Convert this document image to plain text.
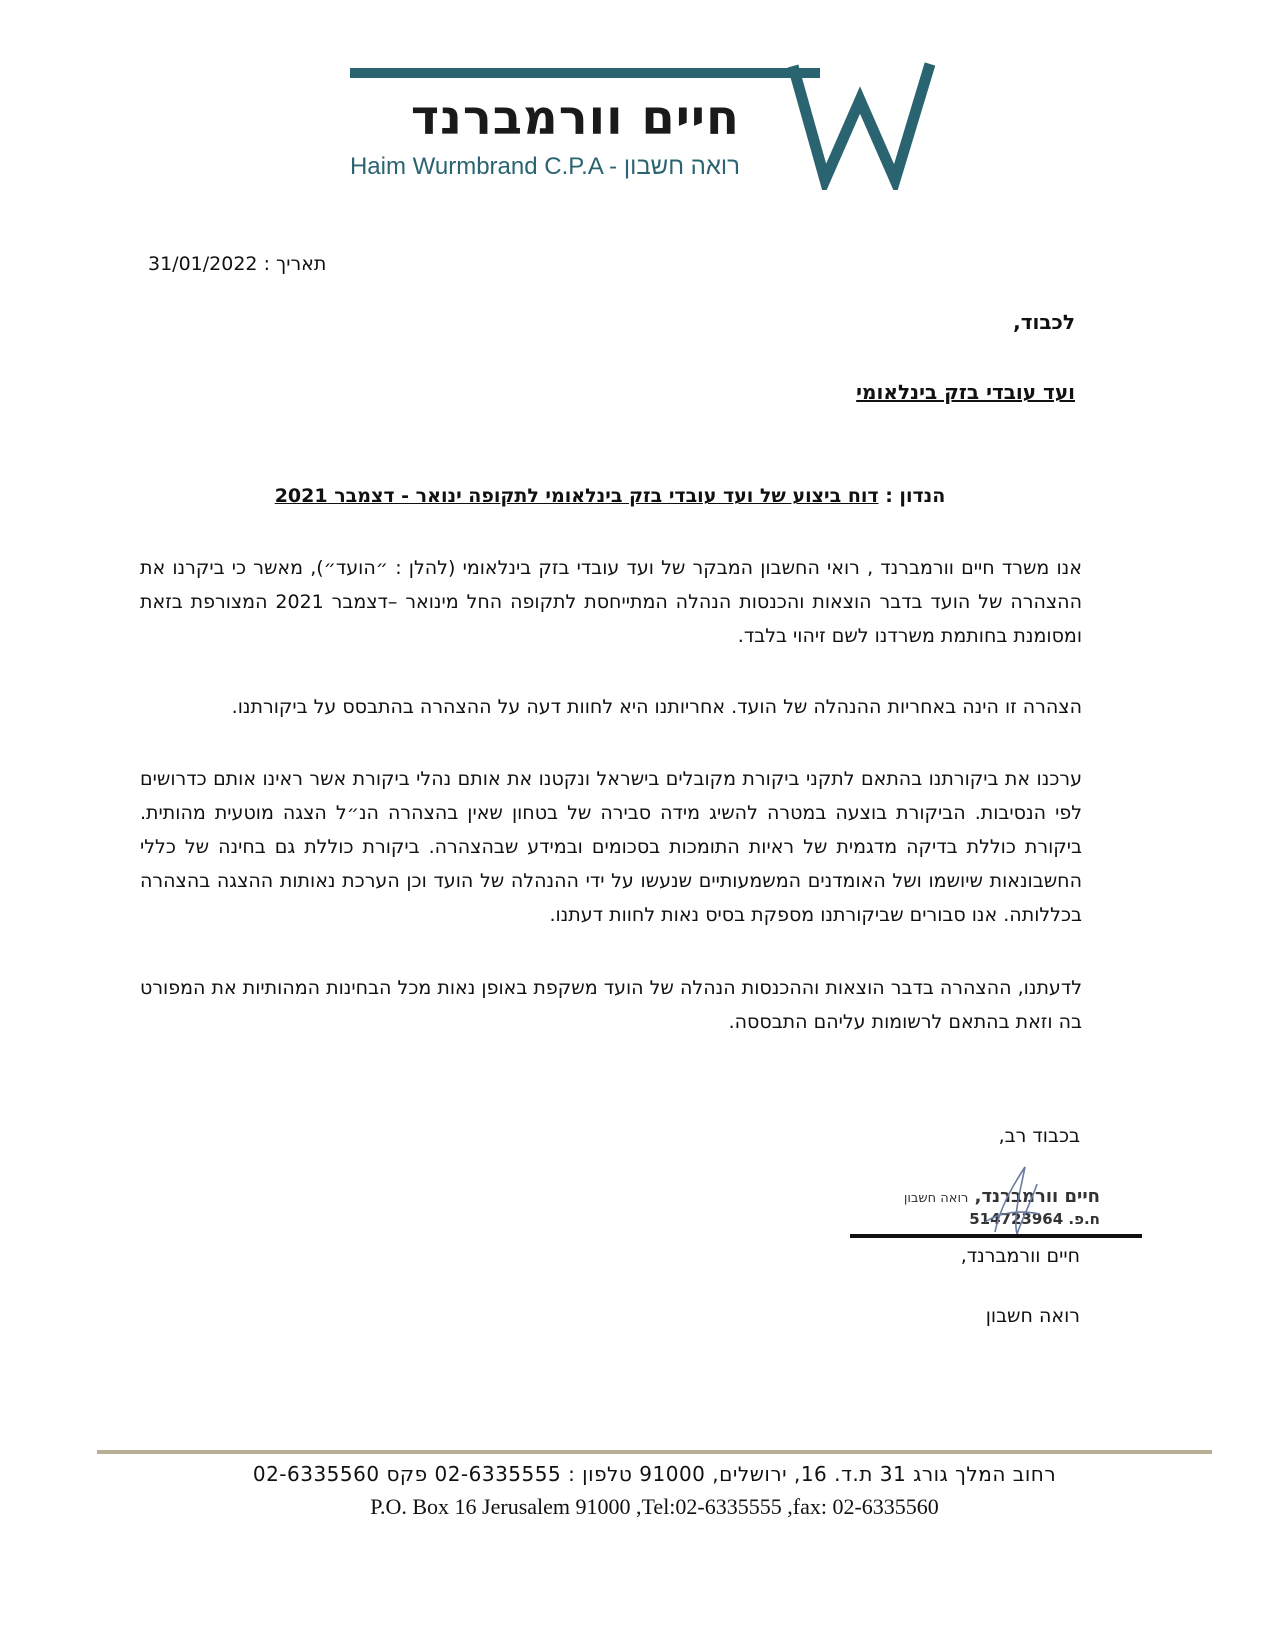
חיים וורמברנד
Haim Wurmbrand C.P.A - רואה חשבון
תאריך : 31/01/2022
לכבוד,
ועד עובדי בזק בינלאומי
הנדון : דוח ביצוע של ועד עובדי בזק בינלאומי לתקופה ינואר - דצמבר 2021

אנו משרד חיים וורמברנד , רואי החשבון המבקר של ועד עובדי בזק בינלאומי (להלן : ״הועד״), מאשר כי ביקרנו את ההצהרה של הועד בדבר הוצאות והכנסות הנהלה המתייחסת לתקופה החל מינואר –דצמבר 2021 המצורפת בזאת ומסומנת בחותמת משרדנו לשם זיהוי בלבד.

הצהרה זו הינה באחריות ההנהלה של הועד. אחריותנו היא לחוות דעה על ההצהרה בהתבסס על ביקורתנו.

ערכנו את ביקורתנו בהתאם לתקני ביקורת מקובלים בישראל ונקטנו את אותם נהלי ביקורת אשר ראינו אותם כדרושים לפי הנסיבות. הביקורת בוצעה במטרה להשיג מידה סבירה של בטחון שאין בהצהרה הנ״ל הצגה מוטעית מהותית. ביקורת כוללת בדיקה מדגמית של ראיות התומכות בסכומים ובמידע שבהצהרה. ביקורת כוללת גם בחינה של כללי החשבונאות שיושמו ושל האומדנים המשמעותיים שנעשו על ידי ההנהלה של הועד וכן הערכת נאותות ההצגה בהצהרה בכללותה. אנו סבורים שביקורתנו מספקת בסיס נאות לחוות דעתנו.

לדעתנו, ההצהרה בדבר הוצאות וההכנסות הנהלה של הועד משקפת באופן נאות מכל הבחינות המהותיות את המפורט בה וזאת בהתאם לרשומות עליהם התבססה.

בכבוד רב,
חיים וורמברנד, רואה חשבון
ח.פ. 514723964
חיים וורמברנד,
רואה חשבון
רחוב המלך גורג 31 ת.ד. 16, ירושלים, 91000 טלפון : 02-6335555 פקס 02-6335560
P.O. Box 16 Jerusalem 91000 ,Tel:02-6335555 ,fax: 02-6335560
